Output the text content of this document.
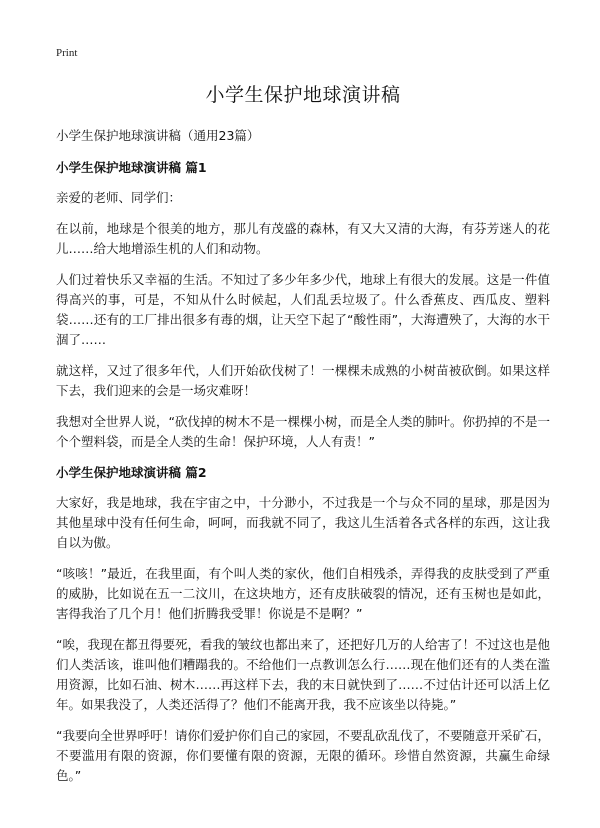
Print
小学生保护地球演讲稿
小学生保护地球演讲稿（通用23篇）
小学生保护地球演讲稿 篇1

亲爱的老师、同学们：

在以前，地球是个很美的地方，那儿有茂盛的森林，有又大又清的大海，有芬芳迷人的花儿……给大地增添生机的人们和动物。

人们过着快乐又幸福的生活。不知过了多少年多少代，地球上有很大的发展。这是一件值得高兴的事，可是，不知从什么时候起，人们乱丢垃圾了。什么香蕉皮、西瓜皮、塑料袋……还有的工厂排出很多有毒的烟，让天空下起了“酸性雨”，大海遭殃了，大海的水干涸了……

就这样，又过了很多年代，人们开始砍伐树了！一棵棵未成熟的小树苗被砍倒。如果这样下去，我们迎来的会是一场灾难呀！

我想对全世界人说，“砍伐掉的树木不是一棵棵小树，而是全人类的肺叶。你扔掉的不是一个个塑料袋，而是全人类的生命！保护环境，人人有责！”

小学生保护地球演讲稿 篇2

大家好，我是地球，我在宇宙之中，十分渺小，不过我是一个与众不同的星球，那是因为其他星球中没有任何生命，呵呵，而我就不同了，我这儿生活着各式各样的东西，这让我自以为傲。

“咳咳！”最近，在我里面，有个叫人类的家伙，他们自相残杀，弄得我的皮肤受到了严重的威胁，比如说在五一二汶川，在这块地方，还有皮肤破裂的情况，还有玉树也是如此，害得我治了几个月！他们折腾我受罪！你说是不是啊？”

“唉，我现在都丑得要死，看我的皱纹也都出来了，还把好几万的人给害了！不过这也是他们人类活该，谁叫他们糟蹋我的。不给他们一点教训怎么行……现在他们还有的人类在滥用资源，比如石油、树木……再这样下去，我的末日就快到了……不过估计还可以活上亿年。如果我没了，人类还活得了？他们不能离开我，我不应该坐以待毙。”

“我要向全世界呼吁！请你们爱护你们自己的家园，不要乱砍乱伐了，不要随意开采矿石，不要滥用有限的资源，你们要懂有限的资源，无限的循环。珍惜自然资源，共赢生命绿色。”
